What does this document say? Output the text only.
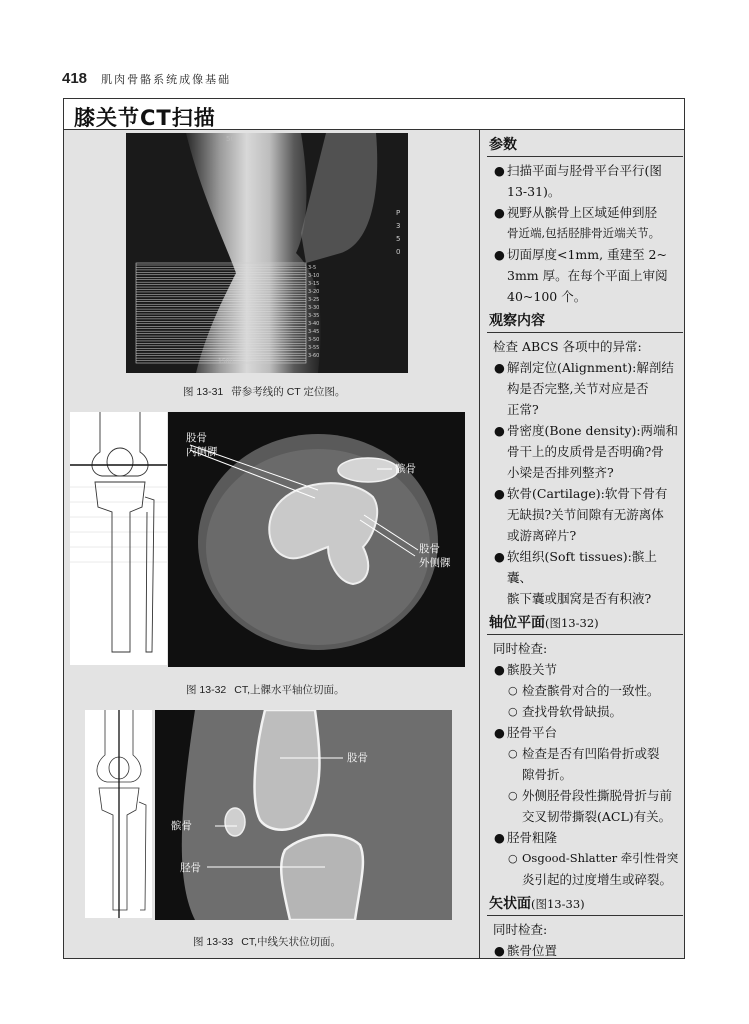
418 肌肉骨骼系统成像基础
膝关节CT扫描
3-5
3-10
3-15
3-20
3-25
3-30
3-35
3-40
3-45
3-50
3-55
3-60
50
P
3
5
0
1500
图 13-31 带参考线的 CT 定位图。
股骨
内侧髁
髌骨
股骨
外侧髁
图 13-32 CT,上髁水平轴位切面。
股骨
髌骨
胫骨
图 13-33 CT,中线矢状位切面。
参数
● 扫描平面与胫骨平台平行(图
13-31)。
● 视野从髌骨上区域延伸到胫
骨近端,包括胫腓骨近端关节。
● 切面厚度<1mm, 重建至 2~
3mm 厚。在每个平面上审阅
40~100 个。
观察内容
检查 ABCS 各项中的异常:
● 解剖定位(Alignment):解剖结
构是否完整,关节对应是否
正常?
● 骨密度(Bone density):两端和
骨干上的皮质骨是否明确?骨
小梁是否排列整齐?
● 软骨(Cartilage):软骨下骨有
无缺损?关节间隙有无游离体
或游离碎片?
● 软组织(Soft tissues):髌上囊、
髌下囊或腘窝是否有积液?
轴位平面(图13-32)
同时检查:
● 髌股关节
○ 检查髌骨对合的一致性。
○ 查找骨软骨缺损。
● 胫骨平台
○ 检查是否有凹陷骨折或裂
隙骨折。
○ 外侧胫骨段性撕脱骨折与前
交叉韧带撕裂(ACL)有关。
● 胫骨粗隆
○ Osgood-Shlatter 牵引性骨突
炎引起的过度增生或碎裂。
矢状面(图13-33)
同时检查:
● 髌骨位置
